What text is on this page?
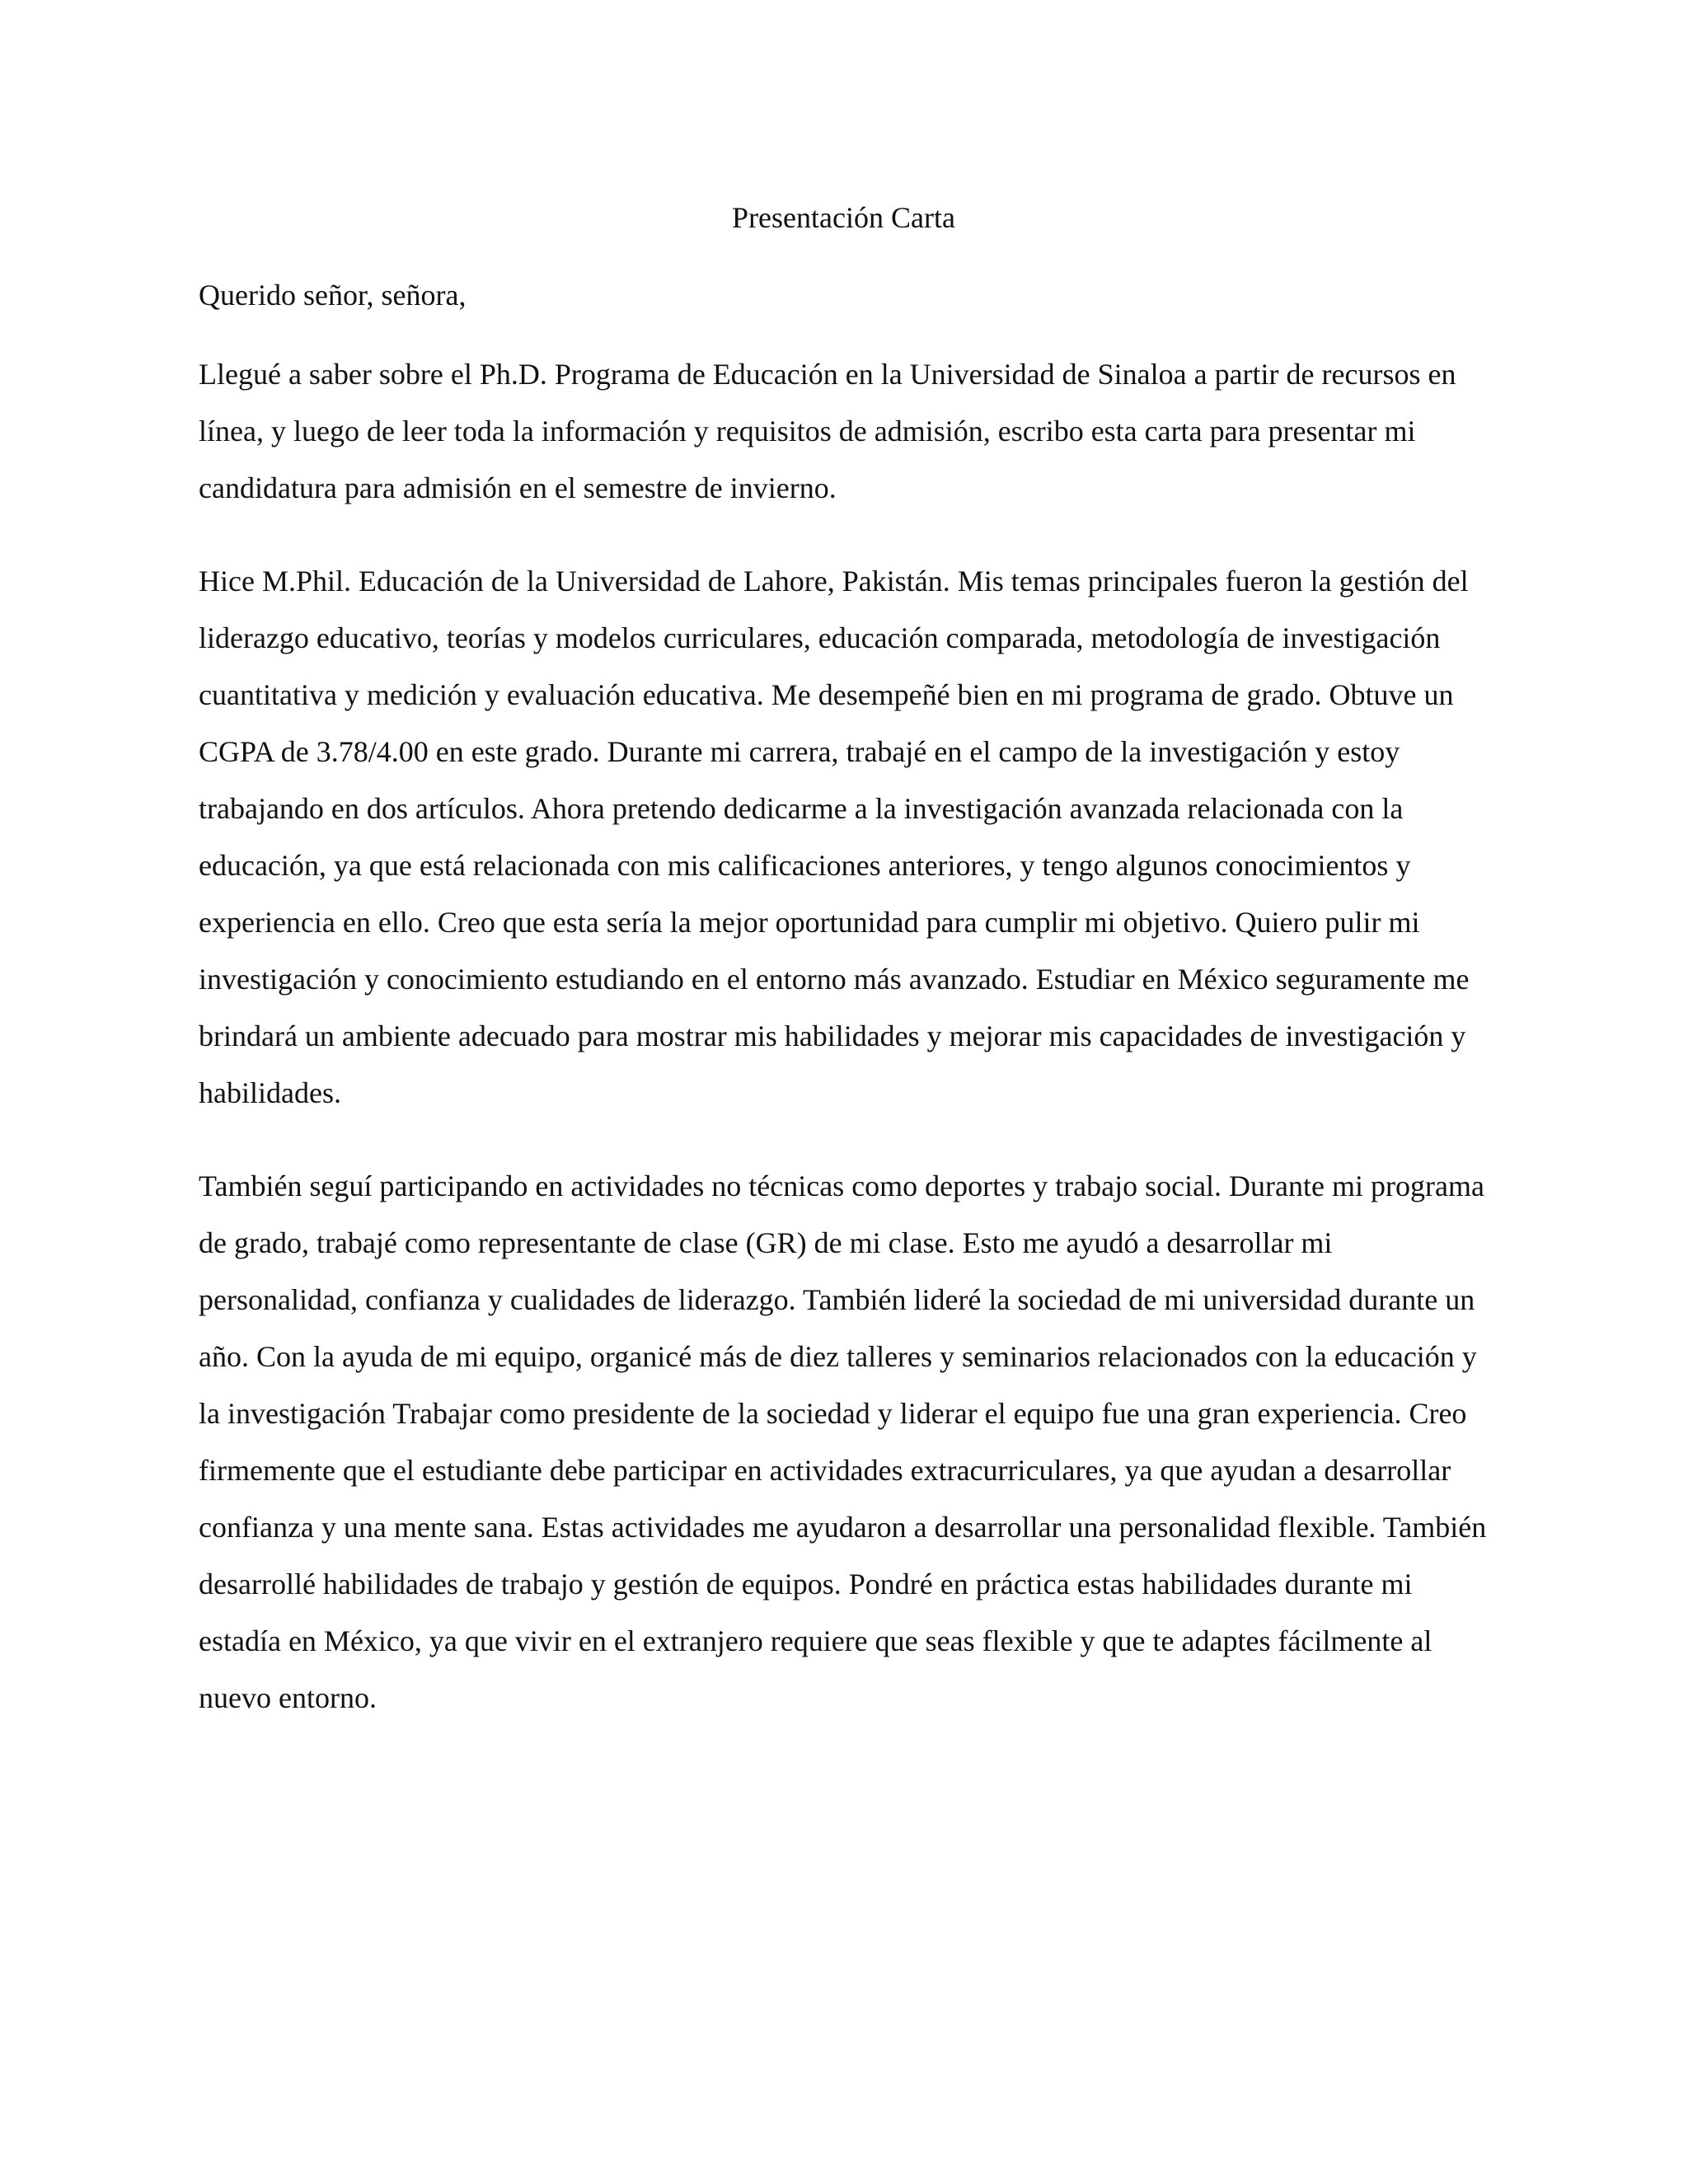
Presentación Carta

Querido señor, señora,

Llegué a saber sobre el Ph.D. Programa de Educación en la Universidad de Sinaloa a partir de recursos en línea, y luego de leer toda la información y requisitos de admisión, escribo esta carta para presentar mi candidatura para admisión en el semestre de invierno.

Hice M.Phil. Educación de la Universidad de Lahore, Pakistán. Mis temas principales fueron la gestión del liderazgo educativo, teorías y modelos curriculares, educación comparada, metodología de investigación cuantitativa y medición y evaluación educativa. Me desempeñé bien en mi programa de grado. Obtuve un CGPA de 3.78/4.00 en este grado. Durante mi carrera, trabajé en el campo de la investigación y estoy trabajando en dos artículos. Ahora pretendo dedicarme a la investigación avanzada relacionada con la educación, ya que está relacionada con mis calificaciones anteriores, y tengo algunos conocimientos y experiencia en ello. Creo que esta sería la mejor oportunidad para cumplir mi objetivo. Quiero pulir mi investigación y conocimiento estudiando en el entorno más avanzado. Estudiar en México seguramente me brindará un ambiente adecuado para mostrar mis habilidades y mejorar mis capacidades de investigación y habilidades.

También seguí participando en actividades no técnicas como deportes y trabajo social. Durante mi programa de grado, trabajé como representante de clase (GR) de mi clase. Esto me ayudó a desarrollar mi personalidad, confianza y cualidades de liderazgo. También lideré la sociedad de mi universidad durante un año. Con la ayuda de mi equipo, organicé más de diez talleres y seminarios relacionados con la educación y la investigación Trabajar como presidente de la sociedad y liderar el equipo fue una gran experiencia. Creo firmemente que el estudiante debe participar en actividades extracurriculares, ya que ayudan a desarrollar confianza y una mente sana. Estas actividades me ayudaron a desarrollar una personalidad flexible. También desarrollé habilidades de trabajo y gestión de equipos. Pondré en práctica estas habilidades durante mi estadía en México, ya que vivir en el extranjero requiere que seas flexible y que te adaptes fácilmente al nuevo entorno.
